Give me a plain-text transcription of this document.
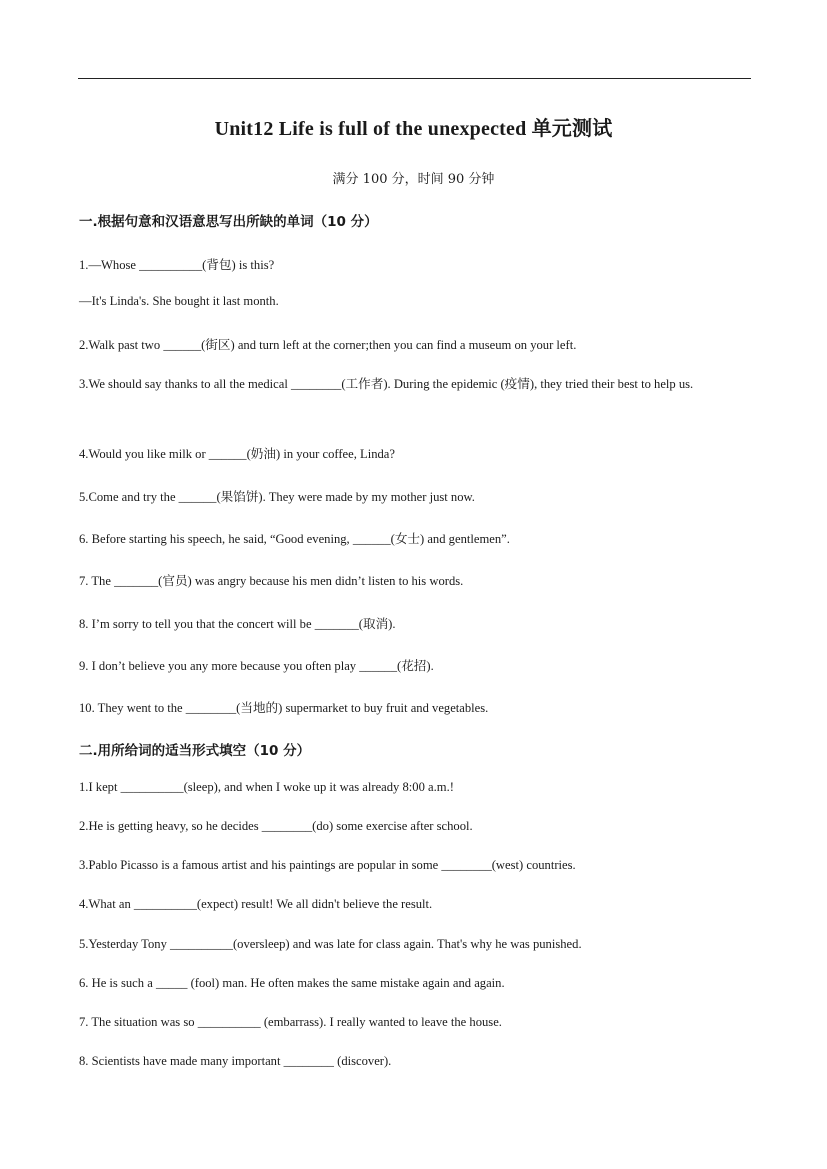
Unit12 Life is full of the unexpected 单元测试
满分 100 分，时间 90 分钟
一.根据句意和汉语意思写出所缺的单词（10 分）
1.—Whose __________(背包) is this?
—It's Linda's. She bought it last month.
2.Walk past two ______(街区) and turn left at the corner;then you can find a museum on your left.
3.We should say thanks to all the medical ________(工作者). During the epidemic (疫情), they tried their best to help us.
4.Would you like milk or ______(奶油) in your coffee, Linda?
5.Come and try the ______(果馅饼). They were made by my mother just now.
6. Before starting his speech, he said, “Good evening, ______(女士) and gentlemen”.
7. The _______(官员) was angry because his men didn’t listen to his words.
8. I’m sorry to tell you that the concert will be _______(取消).
9. I don’t believe you any more because you often play ______(花招).
10. They went to the ________(当地的) supermarket to buy fruit and vegetables.
二.用所给词的适当形式填空（10 分）
1.I kept __________(sleep), and when I woke up it was already 8:00 a.m.!
2.He is getting heavy, so he decides ________(do) some exercise after school.
3.Pablo Picasso is a famous artist and his paintings are popular in some ________(west) countries.
4.What an __________(expect) result! We all didn't believe the result.
5.Yesterday Tony __________(oversleep) and was late for class again. That's why he was punished.
6. He is such a _____ (fool) man. He often makes the same mistake again and again.
7. The situation was so __________ (embarrass). I really wanted to leave the house.
8. Scientists have made many important ________ (discover).
